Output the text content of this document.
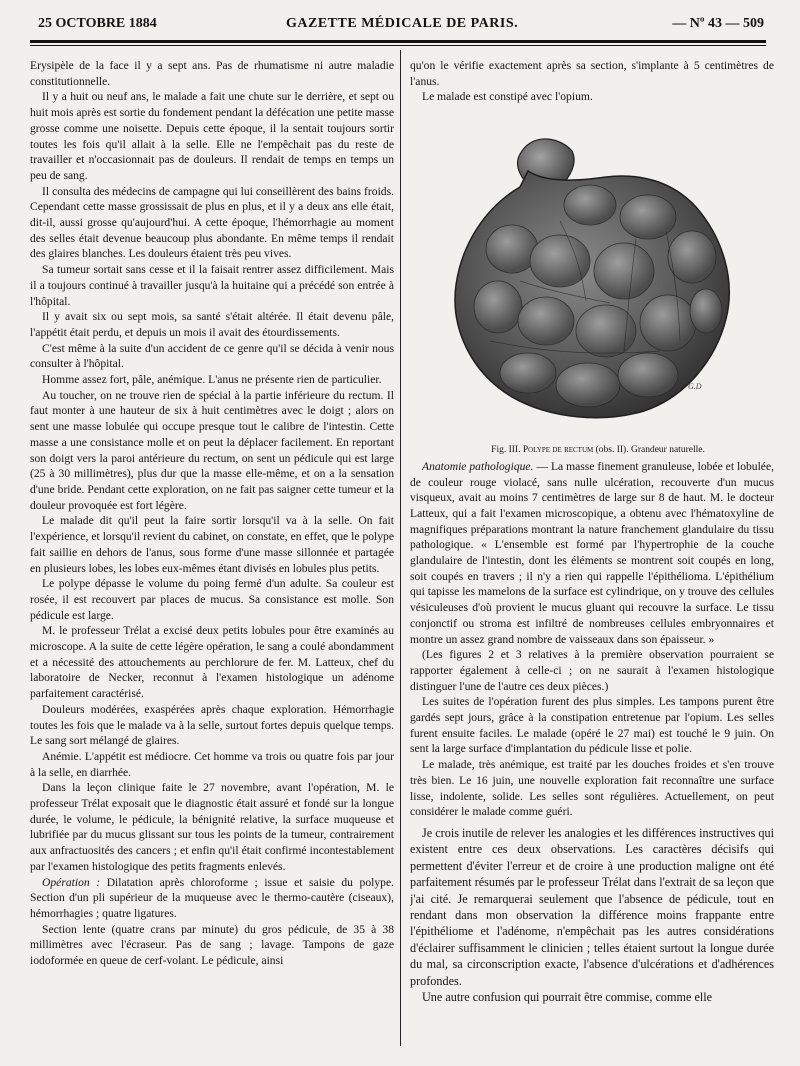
25 OCTOBRE 1884	GAZETTE MÉDICALE DE PARIS.	— Nº 43 — 509

Erysipèle de la face il y a sept ans. Pas de rhumatisme ni autre maladie constitutionnelle.

Il y a huit ou neuf ans, le malade a fait une chute sur le derrière, et sept ou huit mois après est sortie du fondement pendant la défécation une petite masse grosse comme une noisette. Depuis cette époque, il la sentait toujours sortir toutes les fois qu'il allait à la selle. Elle ne l'empêchait pas du reste de travailler et n'occasionnait pas de douleurs. Il rendait de temps en temps un peu de sang.

Il consulta des médecins de campagne qui lui conseillèrent des bains froids. Cependant cette masse grossissait de plus en plus, et il y a deux ans elle était, dit-il, aussi grosse qu'aujourd'hui. A cette époque, l'hémorrhagie au moment des selles était devenue beaucoup plus abondante. En même temps il rendait des glaires blanches. Les douleurs étaient très peu vives.

Sa tumeur sortait sans cesse et il la faisait rentrer assez difficilement. Mais il a toujours continué à travailler jusqu'à la huitaine qui a précédé son entrée à l'hôpital.

Il y avait six ou sept mois, sa santé s'était altérée. Il était devenu pâle, l'appétit était perdu, et depuis un mois il avait des étourdissements.

C'est même à la suite d'un accident de ce genre qu'il se décida à venir nous consulter à l'hôpital.

Homme assez fort, pâle, anémique. L'anus ne présente rien de particulier.

Au toucher, on ne trouve rien de spécial à la partie inférieure du rectum. Il faut monter à une hauteur de six à huit centimètres avec le doigt ; alors on sent une masse lobulée qui occupe presque tout le calibre de l'intestin. Cette masse a une consistance molle et on peut la déplacer facilement. En reportant son doigt vers la paroi antérieure du rectum, on sent un pédicule qui est large (25 à 30 millimètres), plus dur que la masse elle-même, et on a la sensation d'une bride. Pendant cette exploration, on ne fait pas saigner cette tumeur et la douleur provoquée est fort légère.

Le malade dit qu'il peut la faire sortir lorsqu'il va à la selle. On fait l'expérience, et lorsqu'il revient du cabinet, on constate, en effet, que le polype fait saillie en dehors de l'anus, sous forme d'une masse sillonnée et partagée en plusieurs lobes, les lobes eux-mêmes étant divisés en lobules plus petits.

Le polype dépasse le volume du poing fermé d'un adulte. Sa couleur est rosée, il est recouvert par places de mucus. Sa consistance est molle. Son pédicule est large.

M. le professeur Trélat a excisé deux petits lobules pour être examinés au microscope. A la suite de cette légère opération, le sang a coulé abondamment et a nécessité des attouchements au perchlorure de fer. M. Latteux, chef du laboratoire de Necker, reconnut à l'examen histologique un adénome parfaitement caractérisé.

Douleurs modérées, exaspérées après chaque exploration. Hémorrhagie toutes les fois que le malade va à la selle, surtout fortes depuis quelque temps. Le sang sort mélangé de glaires.

Anémie. L'appétit est médiocre. Cet homme va trois ou quatre fois par jour à la selle, en diarrhée.

Dans la leçon clinique faite le 27 novembre, avant l'opération, M. le professeur Trélat exposait que le diagnostic était assuré et fondé sur la longue durée, le volume, le pédicule, la bénignité relative, la surface muqueuse et lubrifiée par du mucus glissant sur tous les points de la tumeur, contrairement aux anfractuosités des cancers ; et enfin qu'il était confirmé incontestablement par l'examen histologique des petits fragments enlevés.

Opération : Dilatation après chloroforme ; issue et saisie du polype. Section d'un pli supérieur de la muqueuse avec le thermo-cautère (ciseaux), hémorrhagies ; quatre ligatures.

Section lente (quatre crans par minute) du gros pédicule, de 35 à 38 millimètres avec l'écraseur. Pas de sang ; lavage. Tampons de gaze iodoformée en queue de cerf-volant. Le pédicule, ainsi

qu'on le vérifie exactement après sa section, s'implante à 5 centimètres de l'anus.

Le malade est constipé avec l'opium.

G.D

Fig. III. Polype de rectum (obs. II). Grandeur naturelle.

Anatomie pathologique. — La masse finement granuleuse, lobée et lobulée, de couleur rouge violacé, sans nulle ulcération, recouverte d'un mucus visqueux, avait au moins 7 centimètres de large sur 8 de haut. M. le docteur Latteux, qui a fait l'examen microscopique, a obtenu avec l'hématoxyline de magnifiques préparations montrant la nature franchement glandulaire du tissu pathologique. « L'ensemble est formé par l'hypertrophie de la couche glandulaire de l'intestin, dont les éléments se montrent soit coupés en long, soit coupés en travers ; il n'y a rien qui rappelle l'épithélioma. L'épithélium qui tapisse les mamelons de la surface est cylindrique, on y trouve des cellules vésiculeuses d'où provient le mucus gluant qui recouvre la surface. Le tissu conjonctif ou stroma est infiltré de nombreuses cellules embryonnaires et montre un assez grand nombre de vaisseaux dans son épaisseur. »

(Les figures 2 et 3 relatives à la première observation pourraient se rapporter également à celle-ci ; on ne saurait à l'examen histologique distinguer l'une de l'autre ces deux pièces.)

Les suites de l'opération furent des plus simples. Les tampons purent être gardés sept jours, grâce à la constipation entretenue par l'opium. Les selles furent ensuite faciles. Le malade (opéré le 27 mai) est touché le 9 juin. On sent la large surface d'implantation du pédicule lisse et polie.

Le malade, très anémique, est traité par les douches froides et s'en trouve très bien. Le 16 juin, une nouvelle exploration fait reconnaître une surface lisse, indolente, solide. Les selles sont régulières. Actuellement, on peut considérer le malade comme guéri.

Je crois inutile de relever les analogies et les différences instructives qui existent entre ces deux observations. Les caractères décisifs qui permettent d'éviter l'erreur et de croire à une production maligne ont été parfaitement résumés par le professeur Trélat dans l'extrait de sa leçon que j'ai cité. Je remarquerai seulement que l'absence de pédicule, tout en rendant dans mon observation la différence moins frappante entre l'épithéliome et l'adénome, n'empêchait pas les autres considérations d'éclairer suffisamment le clinicien ; telles étaient surtout la longue durée du mal, sa circonscription exacte, l'absence d'ulcérations et d'adhérences profondes.

Une autre confusion qui pourrait être commise, comme elle
